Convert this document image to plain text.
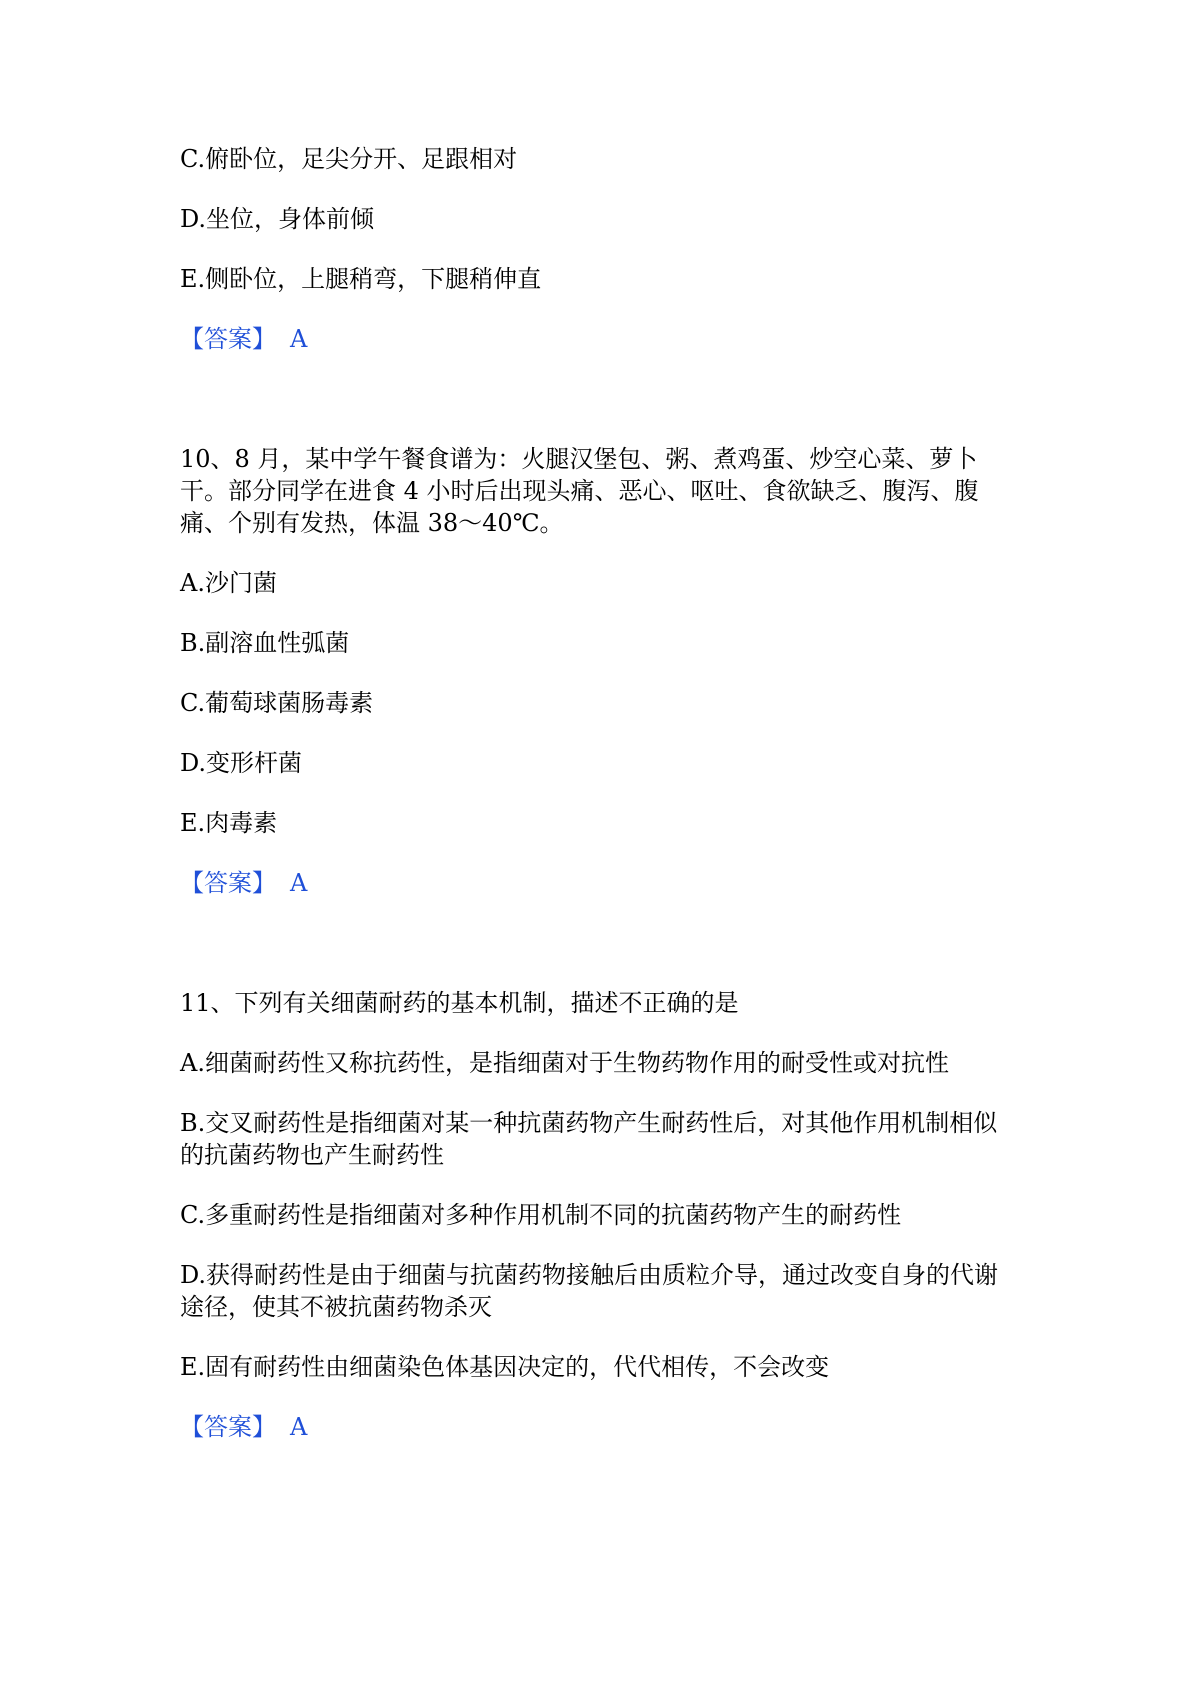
C.俯卧位，足尖分开、足跟相对
D.坐位，身体前倾
E.侧卧位，上腿稍弯，下腿稍伸直
【答案】 A
10、8 月，某中学午餐食谱为：火腿汉堡包、粥、煮鸡蛋、炒空心菜、萝卜
干。部分同学在进食 4 小时后出现头痛、恶心、呕吐、食欲缺乏、腹泻、腹
痛、个别有发热，体温 38～40℃。
A.沙门菌
B.副溶血性弧菌
C.葡萄球菌肠毒素
D.变形杆菌
E.肉毒素
【答案】 A
11、下列有关细菌耐药的基本机制，描述不正确的是
A.细菌耐药性又称抗药性，是指细菌对于生物药物作用的耐受性或对抗性
B.交叉耐药性是指细菌对某一种抗菌药物产生耐药性后，对其他作用机制相似
的抗菌药物也产生耐药性
C.多重耐药性是指细菌对多种作用机制不同的抗菌药物产生的耐药性
D.获得耐药性是由于细菌与抗菌药物接触后由质粒介导，通过改变自身的代谢
途径，使其不被抗菌药物杀灭
E.固有耐药性由细菌染色体基因决定的，代代相传，不会改变
【答案】 A
